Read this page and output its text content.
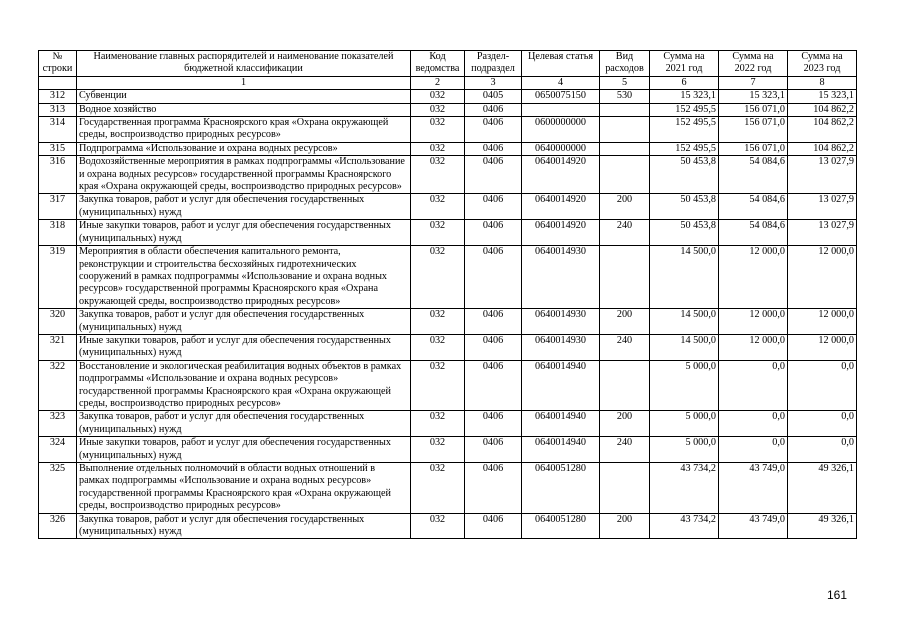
№ строки	Наименование главных распорядителей и наименование показателей бюджетной классификации	Код ведомства	Раздел-подраздел	Целевая статья	Вид расходов	Сумма на 2021 год	Сумма на 2022 год	Сумма на 2023 год
	1	2	3	4	5	6	7	8
312	Субвенции	032	0405	0650075150	530	15 323,1	15 323,1	15 323,1
313	Водное хозяйство	032	0406			152 495,5	156 071,0	104 862,2
314	Государственная программа Красноярского края «Охрана окружающей среды, воспроизводство природных ресурсов»	032	0406	0600000000		152 495,5	156 071,0	104 862,2
315	Подпрограмма «Использование и охрана водных ресурсов»	032	0406	0640000000		152 495,5	156 071,0	104 862,2
316	Водохозяйственные мероприятия в рамках подпрограммы «Использование и охрана водных ресурсов» государственной программы Красноярского края «Охрана окружающей среды, воспроизводство природных ресурсов»	032	0406	0640014920		50 453,8	54 084,6	13 027,9
317	Закупка товаров, работ и услуг для обеспечения государственных (муниципальных) нужд	032	0406	0640014920	200	50 453,8	54 084,6	13 027,9
318	Иные закупки товаров, работ и услуг для обеспечения государственных (муниципальных) нужд	032	0406	0640014920	240	50 453,8	54 084,6	13 027,9
319	Мероприятия в области обеспечения капитального ремонта, реконструкции и строительства бесхозяйных гидротехнических сооружений в рамках подпрограммы «Использование и охрана водных ресурсов» государственной программы Красноярского края «Охрана окружающей среды, воспроизводство природных ресурсов»	032	0406	0640014930		14 500,0	12 000,0	12 000,0
320	Закупка товаров, работ и услуг для обеспечения государственных (муниципальных) нужд	032	0406	0640014930	200	14 500,0	12 000,0	12 000,0
321	Иные закупки товаров, работ и услуг для обеспечения государственных (муниципальных) нужд	032	0406	0640014930	240	14 500,0	12 000,0	12 000,0
322	Восстановление и экологическая реабилитация водных объектов в рамках подпрограммы «Использование и охрана водных ресурсов» государственной программы Красноярского края «Охрана окружающей среды, воспроизводство природных ресурсов»	032	0406	0640014940		5 000,0	0,0	0,0
323	Закупка товаров, работ и услуг для обеспечения государственных (муниципальных) нужд	032	0406	0640014940	200	5 000,0	0,0	0,0
324	Иные закупки товаров, работ и услуг для обеспечения государственных (муниципальных) нужд	032	0406	0640014940	240	5 000,0	0,0	0,0
325	Выполнение отдельных полномочий в области водных отношений в рамках подпрограммы «Использование и охрана водных ресурсов» государственной программы Красноярского края «Охрана окружающей среды, воспроизводство природных ресурсов»	032	0406	0640051280		43 734,2	43 749,0	49 326,1
326	Закупка товаров, работ и услуг для обеспечения государственных (муниципальных) нужд	032	0406	0640051280	200	43 734,2	43 749,0	49 326,1
161
